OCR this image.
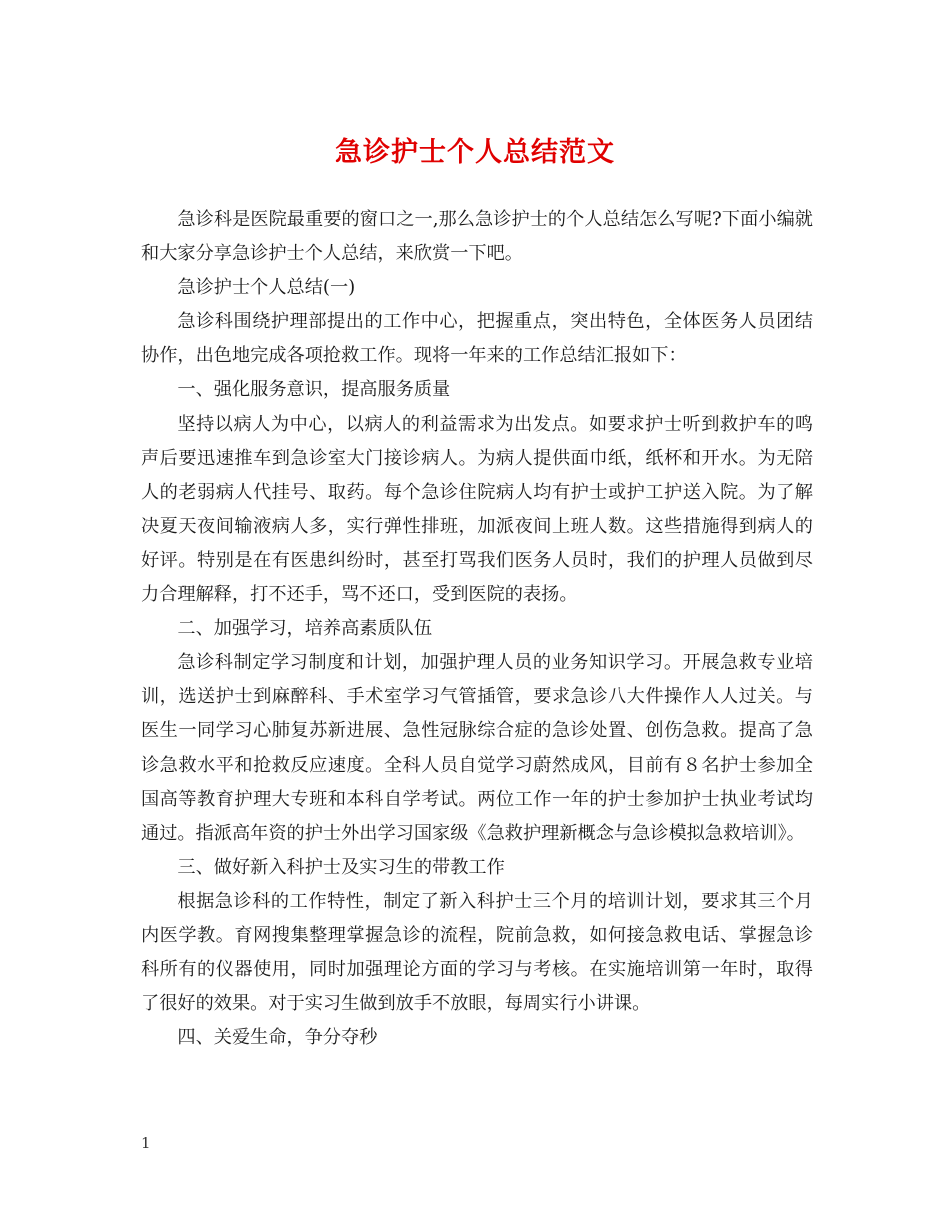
急诊护士个人总结范文

急诊科是医院最重要的窗口之一,那么急诊护士的个人总结怎么写呢?下面小编就和大家分享急诊护士个人总结，来欣赏一下吧。

急诊护士个人总结(一)

急诊科围绕护理部提出的工作中心，把握重点，突出特色，全体医务人员团结协作，出色地完成各项抢救工作。现将一年来的工作总结汇报如下：

一、强化服务意识，提高服务质量

坚持以病人为中心，以病人的利益需求为出发点。如要求护士听到救护车的鸣声后要迅速推车到急诊室大门接诊病人。为病人提供面巾纸，纸杯和开水。为无陪人的老弱病人代挂号、取药。每个急诊住院病人均有护士或护工护送入院。为了解决夏天夜间输液病人多，实行弹性排班，加派夜间上班人数。这些措施得到病人的好评。特别是在有医患纠纷时，甚至打骂我们医务人员时，我们的护理人员做到尽力合理解释，打不还手，骂不还口，受到医院的表扬。

二、加强学习，培养高素质队伍

急诊科制定学习制度和计划，加强护理人员的业务知识学习。开展急救专业培训，选送护士到麻醉科、手术室学习气管插管，要求急诊八大件操作人人过关。与医生一同学习心肺复苏新进展、急性冠脉综合症的急诊处置、创伤急救。提高了急诊急救水平和抢救反应速度。全科人员自觉学习蔚然成风，目前有８名护士参加全国高等教育护理大专班和本科自学考试。两位工作一年的护士参加护士执业考试均通过。指派高年资的护士外出学习国家级《急救护理新概念与急诊模拟急救培训》。

三、做好新入科护士及实习生的带教工作

根据急诊科的工作特性，制定了新入科护士三个月的培训计划，要求其三个月内医学教。育网搜集整理掌握急诊的流程，院前急救，如何接急救电话、掌握急诊科所有的仪器使用，同时加强理论方面的学习与考核。在实施培训第一年时，取得了很好的效果。对于实习生做到放手不放眼，每周实行小讲课。

四、关爱生命，争分夺秒

1
